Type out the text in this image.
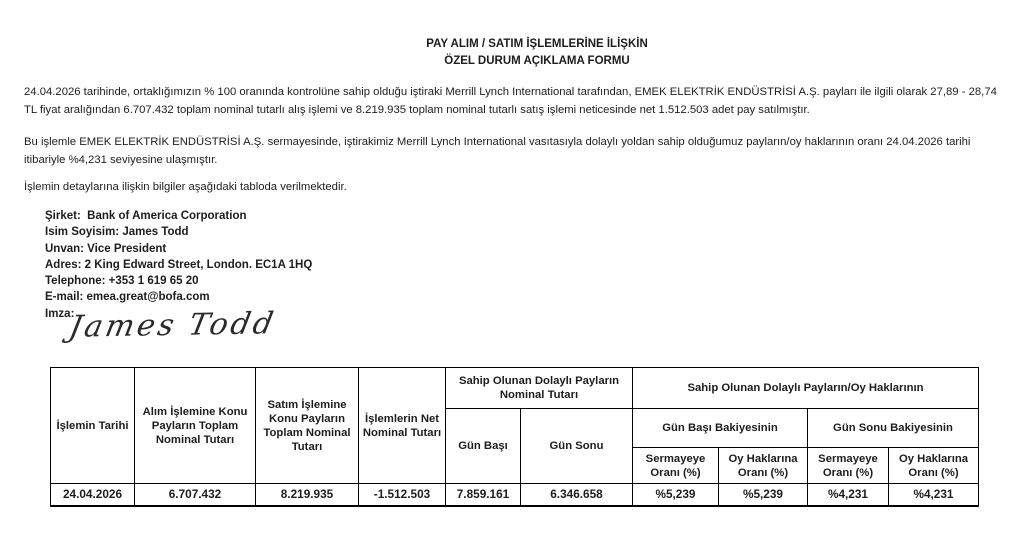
PAY ALIM / SATIM İŞLEMLERİNE İLİŞKİN
ÖZEL DURUM AÇIKLAMA FORMU

24.04.2026 tarihinde, ortaklığımızın % 100 oranında kontrolüne sahip olduğu iştiraki Merrill Lynch International tarafından, EMEK ELEKTRİK ENDÜSTRİSİ A.Ş. payları ile ilgili olarak 27,89 - 28,74 TL fiyat aralığından 6.707.432 toplam nominal tutarlı alış işlemi ve 8.219.935 toplam nominal tutarlı satış işlemi neticesinde net 1.512.503 adet pay satılmıştır.

Bu işlemle EMEK ELEKTRİK ENDÜSTRİSİ A.Ş. sermayesinde, iştirakimiz Merrill Lynch International vasıtasıyla dolaylı yoldan sahip olduğumuz payların/oy haklarının oranı 24.04.2026 tarihi itibariyle %4,231 seviyesine ulaşmıştır.

İşlemin detaylarına ilişkin bilgiler aşağıdaki tabloda verilmektedir.

Şirket:  Bank of America Corporation
Isim Soyisim: James Todd
Unvan: Vice President
Adres: 2 King Edward Street, London. EC1A 1HQ
Telephone: +353 1 619 65 20
E-mail: emea.great@bofa.com
Imza:
James Todd
İşlemin Tarihi	Alım İşlemine Konu Payların Toplam Nominal Tutarı	Satım İşlemine Konu Payların Toplam Nominal Tutarı	İşlemlerin Net Nominal Tutarı	Sahip Olunan Dolaylı Payların Nominal Tutarı		Sahip Olunan Dolaylı Payların/Oy Haklarının			
				Gün Başı	Gün Sonu	Gün Başı Bakiyesinin		Gün Sonu Bakiyesinin	
						Sermayeye Oranı (%)	Oy Haklarına Oranı (%)	Sermayeye Oranı (%)	Oy Haklarına Oranı (%)
24.04.2026	6.707.432	8.219.935	-1.512.503	7.859.161	6.346.658	%5,239	%5,239	%4,231	%4,231
